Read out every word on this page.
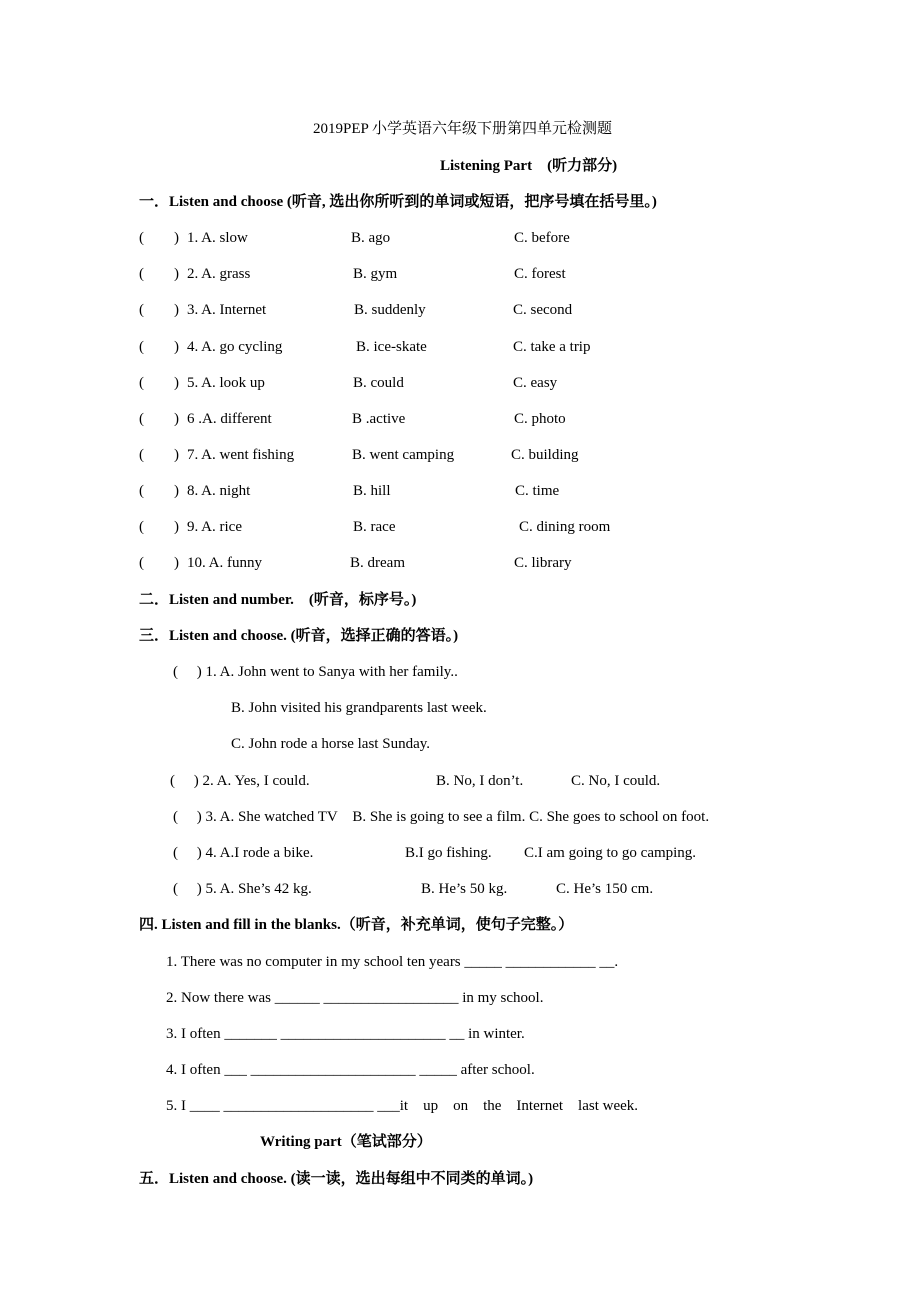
2019PEP 小学英语六年级下册第四单元检测题
Listening Part　(听力部分)
一．Listen and choose (听音, 选出你所听到的单词或短语，把序号填在括号里。)
(　　) 1. A. slow	B. ago	C. before
(　　) 2. A. grass	B. gym	C. forest
(　　) 3. A. Internet	B. suddenly	C. second
(　　) 4. A. go cycling	B. ice-skate	C. take a trip
(　　) 5. A. look up	B. could	C. easy
(　　) 6 .A. different	B .active	C. photo
(　　) 7. A. went fishing	B. went camping	C. building
(　　) 8. A. night	B. hill	C. time
(　　) 9. A. rice	B. race	C. dining room
(　　) 10. A. funny	B. dream	C. library
二．Listen and number.　(听音，标序号。)
三．Listen and choose. (听音，选择正确的答语。)
(　 ) 1. A. John went to Sanya with her family..
B. John visited his grandparents last week.
C. John rode a horse last Sunday.
(　 ) 2. A. Yes, I could.	B. No, I don’t.	C. No, I could.
(　 ) 3. A. She watched TV　B. She is going to see a film. C. She goes to school on foot.
(　 ) 4. A.I rode a bike.	B.I go fishing. C.I am going to go camping.
(　 ) 5. A. She’s 42 kg.	B. He’s 50 kg.	C. He’s 150 cm.
四. Listen and fill in the blanks.（听音，补充单词，使句子完整。）
1. There was no computer in my school ten years _____ ____________ __.
2. Now there was ______ __________________ in my school.
3. I often _______ ______________________ __ in winter.
4. I often ___ ______________________ _____ after school.
5. I ____ ____________________ ___it　up　on　the　Internet　last week.
Writing part（笔试部分）
五．Listen and choose. (读一读，选出每组中不同类的单词。)
